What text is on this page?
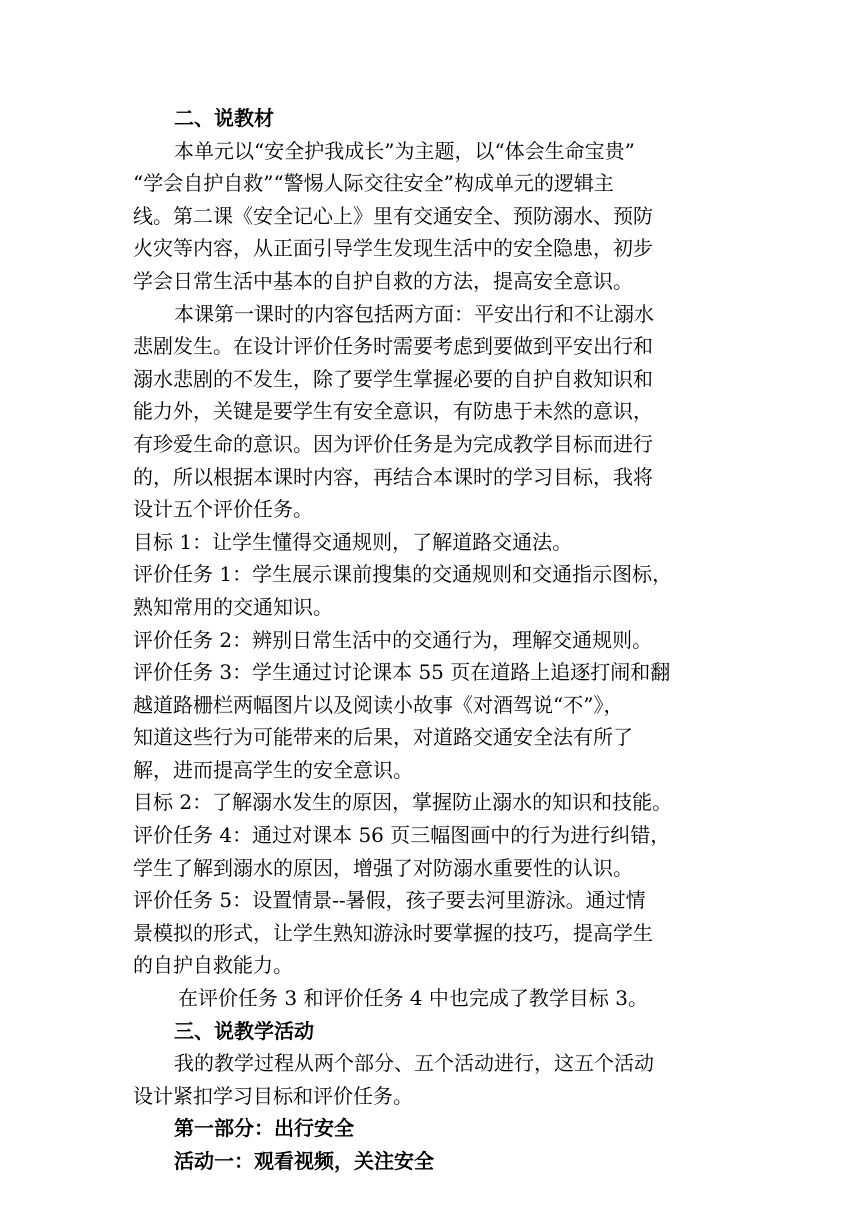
二、说教材
本单元以“安全护我成长”为主题，以“体会生命宝贵”
“学会自护自救”“警惕人际交往安全”构成单元的逻辑主
线。第二课《安全记心上》里有交通安全、预防溺水、预防
火灾等内容，从正面引导学生发现生活中的安全隐患，初步
学会日常生活中基本的自护自救的方法，提高安全意识。
本课第一课时的内容包括两方面：平安出行和不让溺水
悲剧发生。在设计评价任务时需要考虑到要做到平安出行和
溺水悲剧的不发生，除了要学生掌握必要的自护自救知识和
能力外，关键是要学生有安全意识，有防患于未然的意识，
有珍爱生命的意识。因为评价任务是为完成教学目标而进行
的，所以根据本课时内容，再结合本课时的学习目标，我将
设计五个评价任务。
目标 1：让学生懂得交通规则，了解道路交通法。
评价任务 1：学生展示课前搜集的交通规则和交通指示图标，
熟知常用的交通知识。
评价任务 2：辨别日常生活中的交通行为，理解交通规则。
评价任务 3：学生通过讨论课本 55 页在道路上追逐打闹和翻
越道路栅栏两幅图片以及阅读小故事《对酒驾说“不”》，
知道这些行为可能带来的后果，对道路交通安全法有所了
解，进而提高学生的安全意识。
目标 2：了解溺水发生的原因，掌握防止溺水的知识和技能。
评价任务 4：通过对课本 56 页三幅图画中的行为进行纠错，
学生了解到溺水的原因，增强了对防溺水重要性的认识。
评价任务 5：设置情景--暑假，孩子要去河里游泳。通过情
景模拟的形式，让学生熟知游泳时要掌握的技巧，提高学生
的自护自救能力。
在评价任务 3 和评价任务 4 中也完成了教学目标 3。
三、说教学活动
我的教学过程从两个部分、五个活动进行，这五个活动
设计紧扣学习目标和评价任务。
第一部分：出行安全
活动一：观看视频，关注安全
